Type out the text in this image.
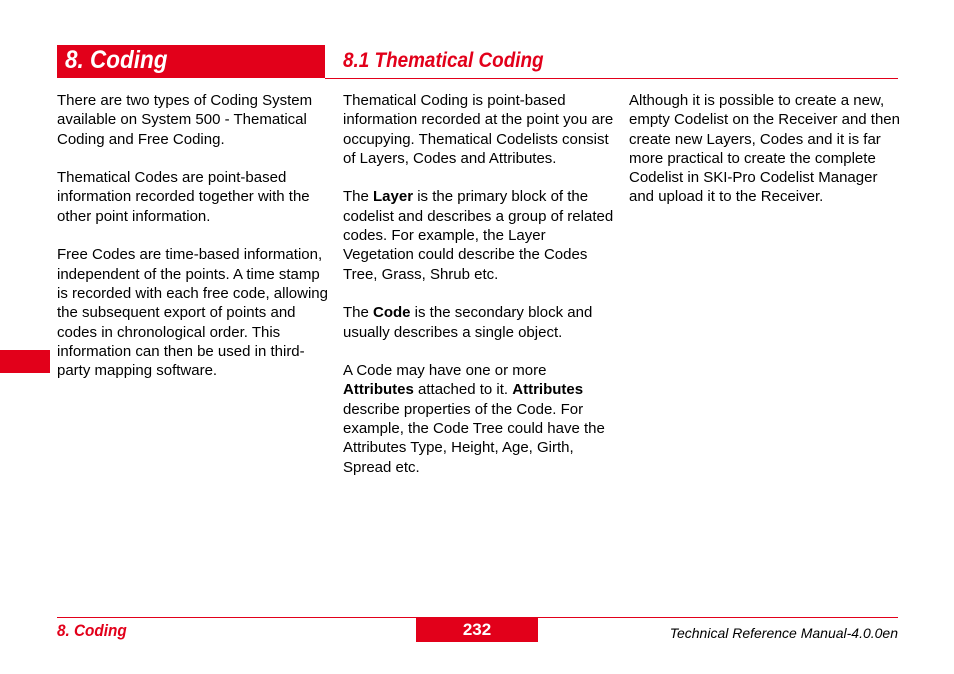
8. Coding	8.1 Thematical Coding

There are two types of Coding System available on System 500 - Thematical Coding and Free Coding.

Thematical Codes are point-based information recorded together with the other point information.

Free Codes are time-based information, independent of the points. A time stamp is recorded with each free code, allowing the subsequent export of points and codes in chronological order. This information can then be used in third-party mapping software.

Thematical Coding is point-based information recorded at the point you are occupying. Thematical Codelists consist of Layers, Codes and Attributes.

The Layer is the primary block of the codelist and describes a group of related codes. For example, the Layer Vegetation could describe the Codes Tree, Grass, Shrub etc.

The Code is the secondary block and usually describes a single object.

A Code may have one or more Attributes attached to it. Attributes describe properties of the Code. For example, the Code Tree could have the Attributes Type, Height, Age, Girth, Spread etc.

Although it is possible to create a new, empty Codelist on the Receiver and then create new Layers, Codes and it is far more practical to create the complete Codelist in SKI-Pro Codelist Manager and upload it to the Receiver.

8. Coding	232	Technical Reference Manual-4.0.0en
